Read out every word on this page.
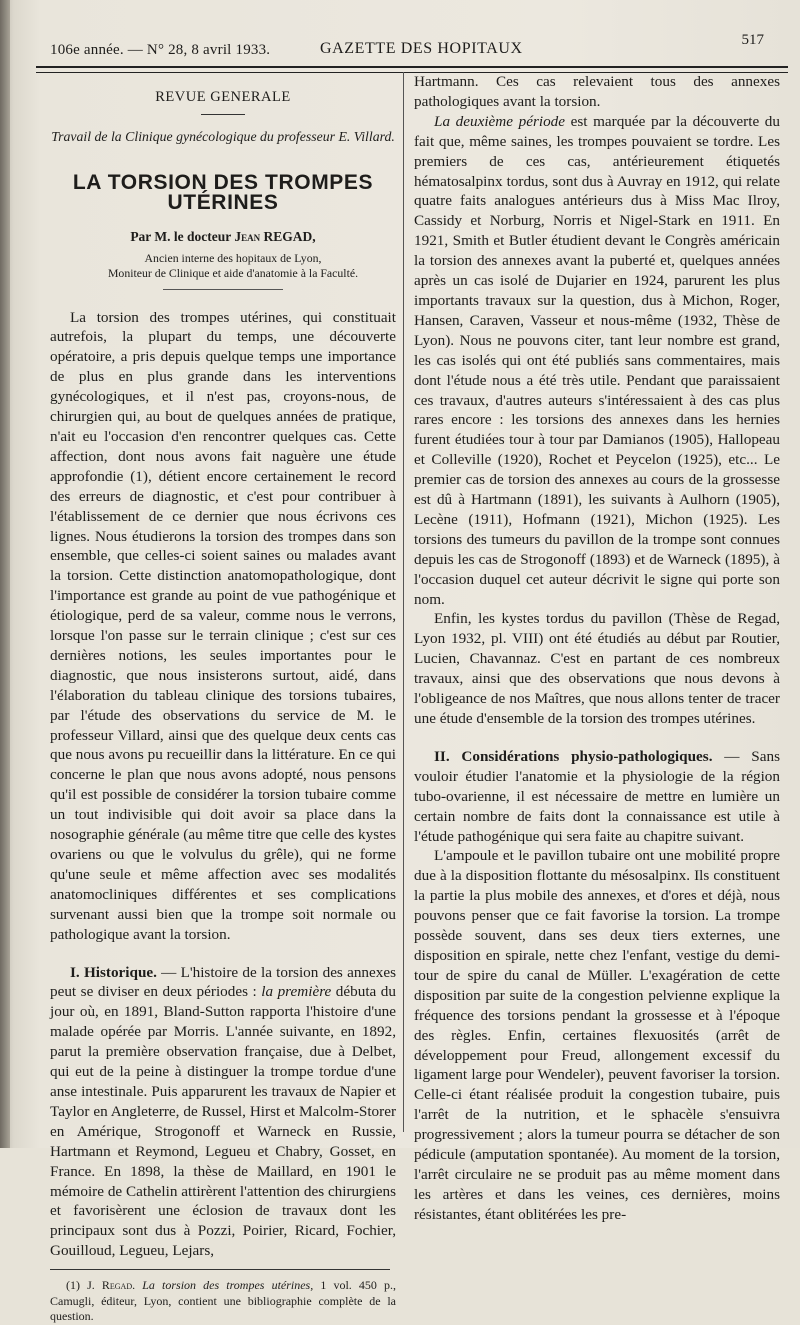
106e année. — N° 28, 8 avril 1933.	GAZETTE DES HOPITAUX	517
REVUE GENERALE
Travail de la Clinique gynécologique du professeur E. Villard.
LA TORSION DES TROMPES UTÉRINES
Par M. le docteur Jean REGAD,

Ancien interne des hopitaux de Lyon,

Moniteur de Clinique et aide d'anatomie à la Faculté.

La torsion des trompes utérines, qui constituait autrefois, la plupart du temps, une découverte opératoire, a pris depuis quelque temps une importance de plus en plus grande dans les interventions gynécologiques, et il n'est pas, croyons-nous, de chirurgien qui, au bout de quelques années de pratique, n'ait eu l'occasion d'en rencontrer quelques cas. Cette affection, dont nous avons fait naguère une étude approfondie (1), détient encore certainement le record des erreurs de diagnostic, et c'est pour contribuer à l'établissement de ce dernier que nous écrivons ces lignes. Nous étudierons la torsion des trompes dans son ensemble, que celles-ci soient saines ou malades avant la torsion. Cette distinction anatomopathologique, dont l'importance est grande au point de vue pathogénique et étiologique, perd de sa valeur, comme nous le verrons, lorsque l'on passe sur le terrain clinique ; c'est sur ces dernières notions, les seules importantes pour le diagnostic, que nous insisterons surtout, aidé, dans l'élaboration du tableau clinique des torsions tubaires, par l'étude des observations du service de M. le professeur Villard, ainsi que des quelque deux cents cas que nous avons pu recueillir dans la littérature. En ce qui concerne le plan que nous avons adopté, nous pensons qu'il est possible de considérer la torsion tubaire comme un tout indivisible qui doit avoir sa place dans la nosographie générale (au même titre que celle des kystes ovariens ou que le volvulus du grêle), qui ne forme qu'une seule et même affection avec ses modalités anatomocliniques différentes et ses complications survenant aussi bien que la trompe soit normale ou pathologique avant la torsion.

I. Historique. — L'histoire de la torsion des annexes peut se diviser en deux périodes : la première débuta du jour où, en 1891, Bland-Sutton rapporta l'histoire d'une malade opérée par Morris. L'année suivante, en 1892, parut la première observation française, due à Delbet, qui eut de la peine à distinguer la trompe tordue d'une anse intestinale. Puis apparurent les travaux de Napier et Taylor en Angleterre, de Russel, Hirst et Malcolm-Storer en Amérique, Strogonoff et Warneck en Russie, Hartmann et Reymond, Legueu et Chabry, Gosset, en France. En 1898, la thèse de Maillard, en 1901 le mémoire de Cathelin attirèrent l'attention des chirurgiens et favorisèrent une éclosion de travaux dont les principaux sont dus à Pozzi, Poirier, Ricard, Fochier, Gouilloud, Legueu, Lejars,

(1) J. Regad. La torsion des trompes utérines, 1 vol. 450 p., Camugli, éditeur, Lyon, contient une bibliographie complète de la question.

Hartmann. Ces cas relevaient tous des annexes pathologiques avant la torsion.

La deuxième période est marquée par la découverte du fait que, même saines, les trompes pouvaient se tordre. Les premiers de ces cas, antérieurement étiquetés hématosalpinx tordus, sont dus à Auvray en 1912, qui relate quatre faits analogues antérieurs dus à Miss Mac Ilroy, Cassidy et Norburg, Norris et Nigel-Stark en 1911. En 1921, Smith et Butler étudient devant le Congrès américain la torsion des annexes avant la puberté et, quelques années après un cas isolé de Dujarier en 1924, parurent les plus importants travaux sur la question, dus à Michon, Roger, Hansen, Caraven, Vasseur et nous-même (1932, Thèse de Lyon). Nous ne pouvons citer, tant leur nombre est grand, les cas isolés qui ont été publiés sans commentaires, mais dont l'étude nous a été très utile. Pendant que paraissaient ces travaux, d'autres auteurs s'intéressaient à des cas plus rares encore : les torsions des annexes dans les hernies furent étudiées tour à tour par Damianos (1905), Hallopeau et Colleville (1920), Rochet et Peycelon (1925), etc... Le premier cas de torsion des annexes au cours de la grossesse est dû à Hartmann (1891), les suivants à Aulhorn (1905), Lecène (1911), Hofmann (1921), Michon (1925). Les torsions des tumeurs du pavillon de la trompe sont connues depuis les cas de Strogonoff (1893) et de Warneck (1895), à l'occasion duquel cet auteur décrivit le signe qui porte son nom.

Enfin, les kystes tordus du pavillon (Thèse de Regad, Lyon 1932, pl. VIII) ont été étudiés au début par Routier, Lucien, Chavannaz. C'est en partant de ces nombreux travaux, ainsi que des observations que nous devons à l'obligeance de nos Maîtres, que nous allons tenter de tracer une étude d'ensemble de la torsion des trompes utérines.

II. Considérations physio-pathologiques. — Sans vouloir étudier l'anatomie et la physiologie de la région tubo-ovarienne, il est nécessaire de mettre en lumière un certain nombre de faits dont la connaissance est utile à l'étude pathogénique qui sera faite au chapitre suivant.

L'ampoule et le pavillon tubaire ont une mobilité propre due à la disposition flottante du mésosalpinx. Ils constituent la partie la plus mobile des annexes, et d'ores et déjà, nous pouvons penser que ce fait favorise la torsion. La trompe possède souvent, dans ses deux tiers externes, une disposition en spirale, nette chez l'enfant, vestige du demi-tour de spire du canal de Müller. L'exagération de cette disposition par suite de la congestion pelvienne explique la fréquence des torsions pendant la grossesse et à l'époque des règles. Enfin, certaines flexuosités (arrêt de développement pour Freud, allongement excessif du ligament large pour Wendeler), peuvent favoriser la torsion. Celle-ci étant réalisée produit la congestion tubaire, puis l'arrêt de la nutrition, et le sphacèle s'ensuivra progressivement ; alors la tumeur pourra se détacher de son pédicule (amputation spontanée). Au moment de la torsion, l'arrêt circulaire ne se produit pas au même moment dans les artères et dans les veines, ces dernières, moins résistantes, étant oblitérées les pre-
